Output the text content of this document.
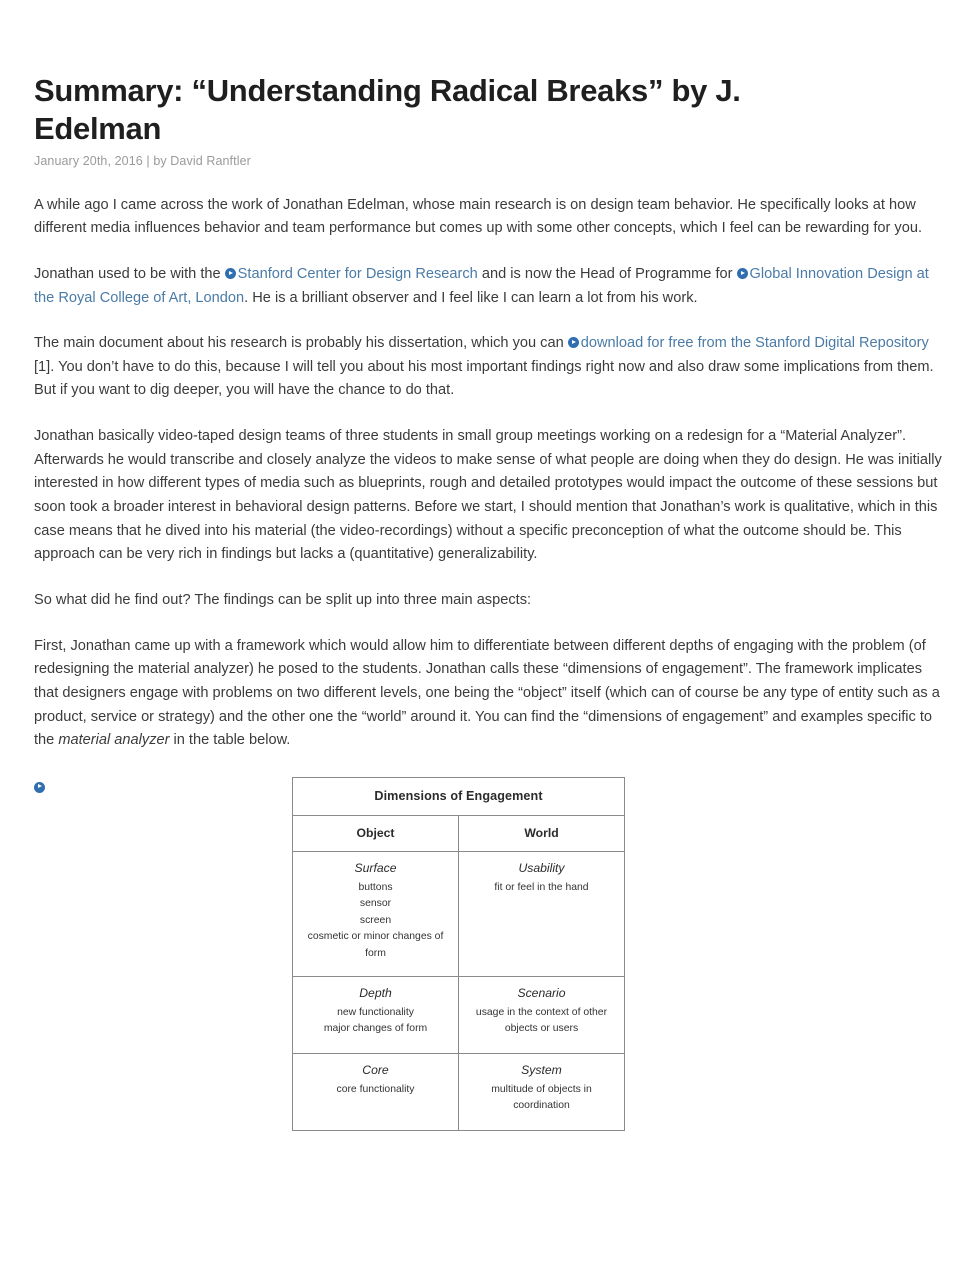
Summary: “Understanding Radical Breaks” by J. Edelman
January 20th, 2016 | by David Ranftler

A while ago I came across the work of Jonathan Edelman, whose main research is on design team behavior. He specifically looks at how different media influences behavior and team performance but comes up with some other concepts, which I feel can be rewarding for you.

Jonathan used to be with the Stanford Center for Design Research and is now the Head of Programme for Global Innovation Design at the Royal College of Art, London. He is a brilliant observer and I feel like I can learn a lot from his work.

The main document about his research is probably his dissertation, which you can download for free from the Stanford Digital Repository [1]. You don’t have to do this, because I will tell you about his most important findings right now and also draw some implications from them. But if you want to dig deeper, you will have the chance to do that.

Jonathan basically video-taped design teams of three students in small group meetings working on a redesign for a “Material Analyzer”. Afterwards he would transcribe and closely analyze the videos to make sense of what people are doing when they do design. He was initially interested in how different types of media such as blueprints, rough and detailed prototypes would impact the outcome of these sessions but soon took a broader interest in behavioral design patterns. Before we start, I should mention that Jonathan’s work is qualitative, which in this case means that he dived into his material (the video-recordings) without a specific preconception of what the outcome should be. This approach can be very rich in findings but lacks a (quantitative) generalizability.

So what did he find out? The findings can be split up into three main aspects:

First, Jonathan came up with a framework which would allow him to differentiate between different depths of engaging with the problem (of redesigning the material analyzer) he posed to the students. Jonathan calls these “dimensions of engagement”. The framework implicates that designers engage with problems on two different levels, one being the “object” itself (which can of course be any type of entity such as a product, service or strategy) and the other one the “world” around it. You can find the “dimensions of engagement” and examples specific to the material analyzer in the table below.

Dimensions of Engagement	
Object	World

Surface
buttons
sensor
screen
cosmetic or minor changes of form	Usability
fit or feel in the hand

Depth
new functionality
major changes of form	Scenario
usage in the context of other objects or users

Core
core functionality	System
multitude of objects in coordination
